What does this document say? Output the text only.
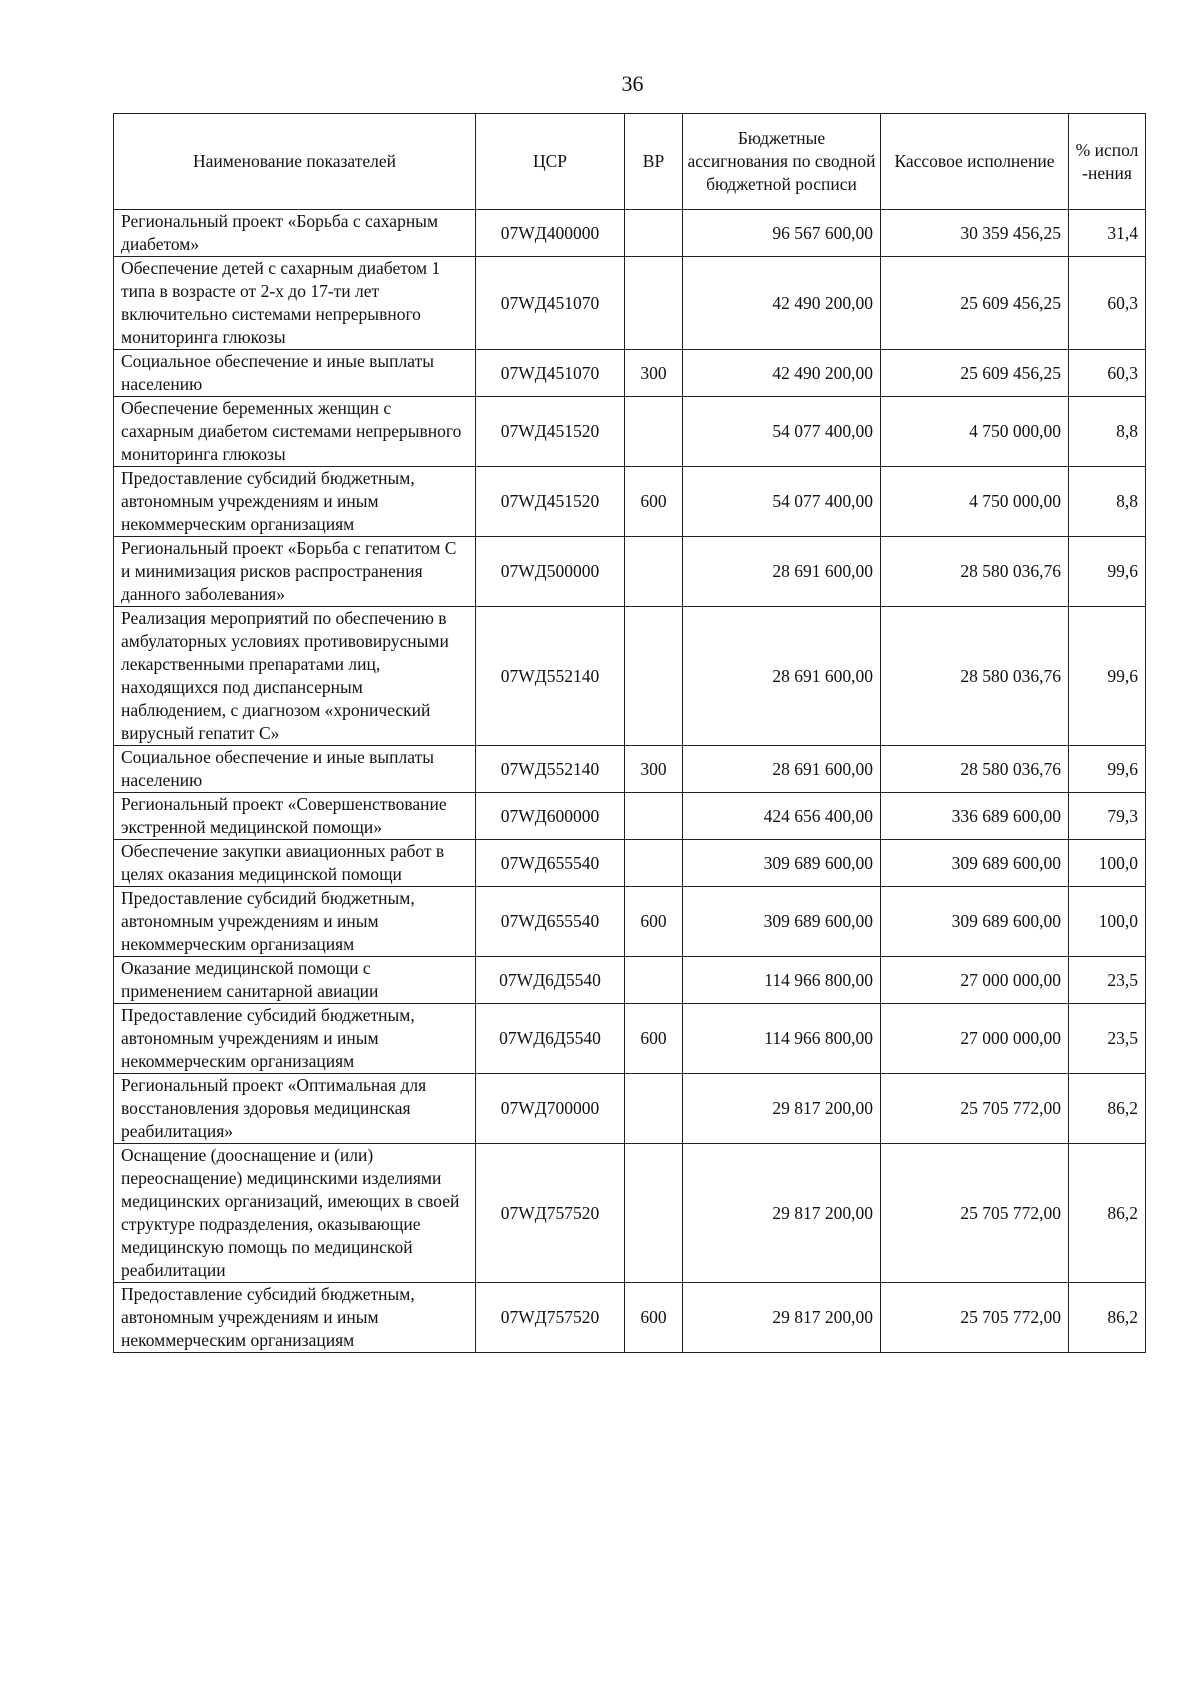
36
Наименование показателей	ЦСР	ВР	Бюджетные ассигнования по сводной бюджетной росписи	Кассовое исполнение	% испол-нения
Региональный проект «Борьба с сахарным диабетом»	07WД400000		96 567 600,00	30 359 456,25	31,4
Обеспечение детей с сахарным диабетом 1 типа в возрасте от 2-х до 17-ти лет включительно системами непрерывного мониторинга глюкозы	07WД451070		42 490 200,00	25 609 456,25	60,3
Социальное обеспечение и иные выплаты населению	07WД451070	300	42 490 200,00	25 609 456,25	60,3
Обеспечение беременных женщин с сахарным диабетом системами непрерывного мониторинга глюкозы	07WД451520		54 077 400,00	4 750 000,00	8,8
Предоставление субсидий бюджетным, автономным учреждениям и иным некоммерческим организациям	07WД451520	600	54 077 400,00	4 750 000,00	8,8
Региональный проект «Борьба с гепатитом С и минимизация рисков распространения данного заболевания»	07WД500000		28 691 600,00	28 580 036,76	99,6
Реализация мероприятий по обеспечению в амбулаторных условиях противовирусными лекарственными препаратами лиц, находящихся под диспансерным наблюдением, с диагнозом «хронический вирусный гепатит С»	07WД552140		28 691 600,00	28 580 036,76	99,6
Социальное обеспечение и иные выплаты населению	07WД552140	300	28 691 600,00	28 580 036,76	99,6
Региональный проект «Совершенствование экстренной медицинской помощи»	07WД600000		424 656 400,00	336 689 600,00	79,3
Обеспечение закупки авиационных работ в целях оказания медицинской помощи	07WД655540		309 689 600,00	309 689 600,00	100,0
Предоставление субсидий бюджетным, автономным учреждениям и иным некоммерческим организациям	07WД655540	600	309 689 600,00	309 689 600,00	100,0
Оказание медицинской помощи с применением санитарной авиации	07WД6Д5540		114 966 800,00	27 000 000,00	23,5
Предоставление субсидий бюджетным, автономным учреждениям и иным некоммерческим организациям	07WД6Д5540	600	114 966 800,00	27 000 000,00	23,5
Региональный проект «Оптимальная для восстановления здоровья медицинская реабилитация»	07WД700000		29 817 200,00	25 705 772,00	86,2
Оснащение (дооснащение и (или) переоснащение) медицинскими изделиями медицинских организаций, имеющих в своей структуре подразделения, оказывающие медицинскую помощь по медицинской реабилитации	07WД757520		29 817 200,00	25 705 772,00	86,2
Предоставление субсидий бюджетным, автономным учреждениям и иным некоммерческим организациям	07WД757520	600	29 817 200,00	25 705 772,00	86,2
